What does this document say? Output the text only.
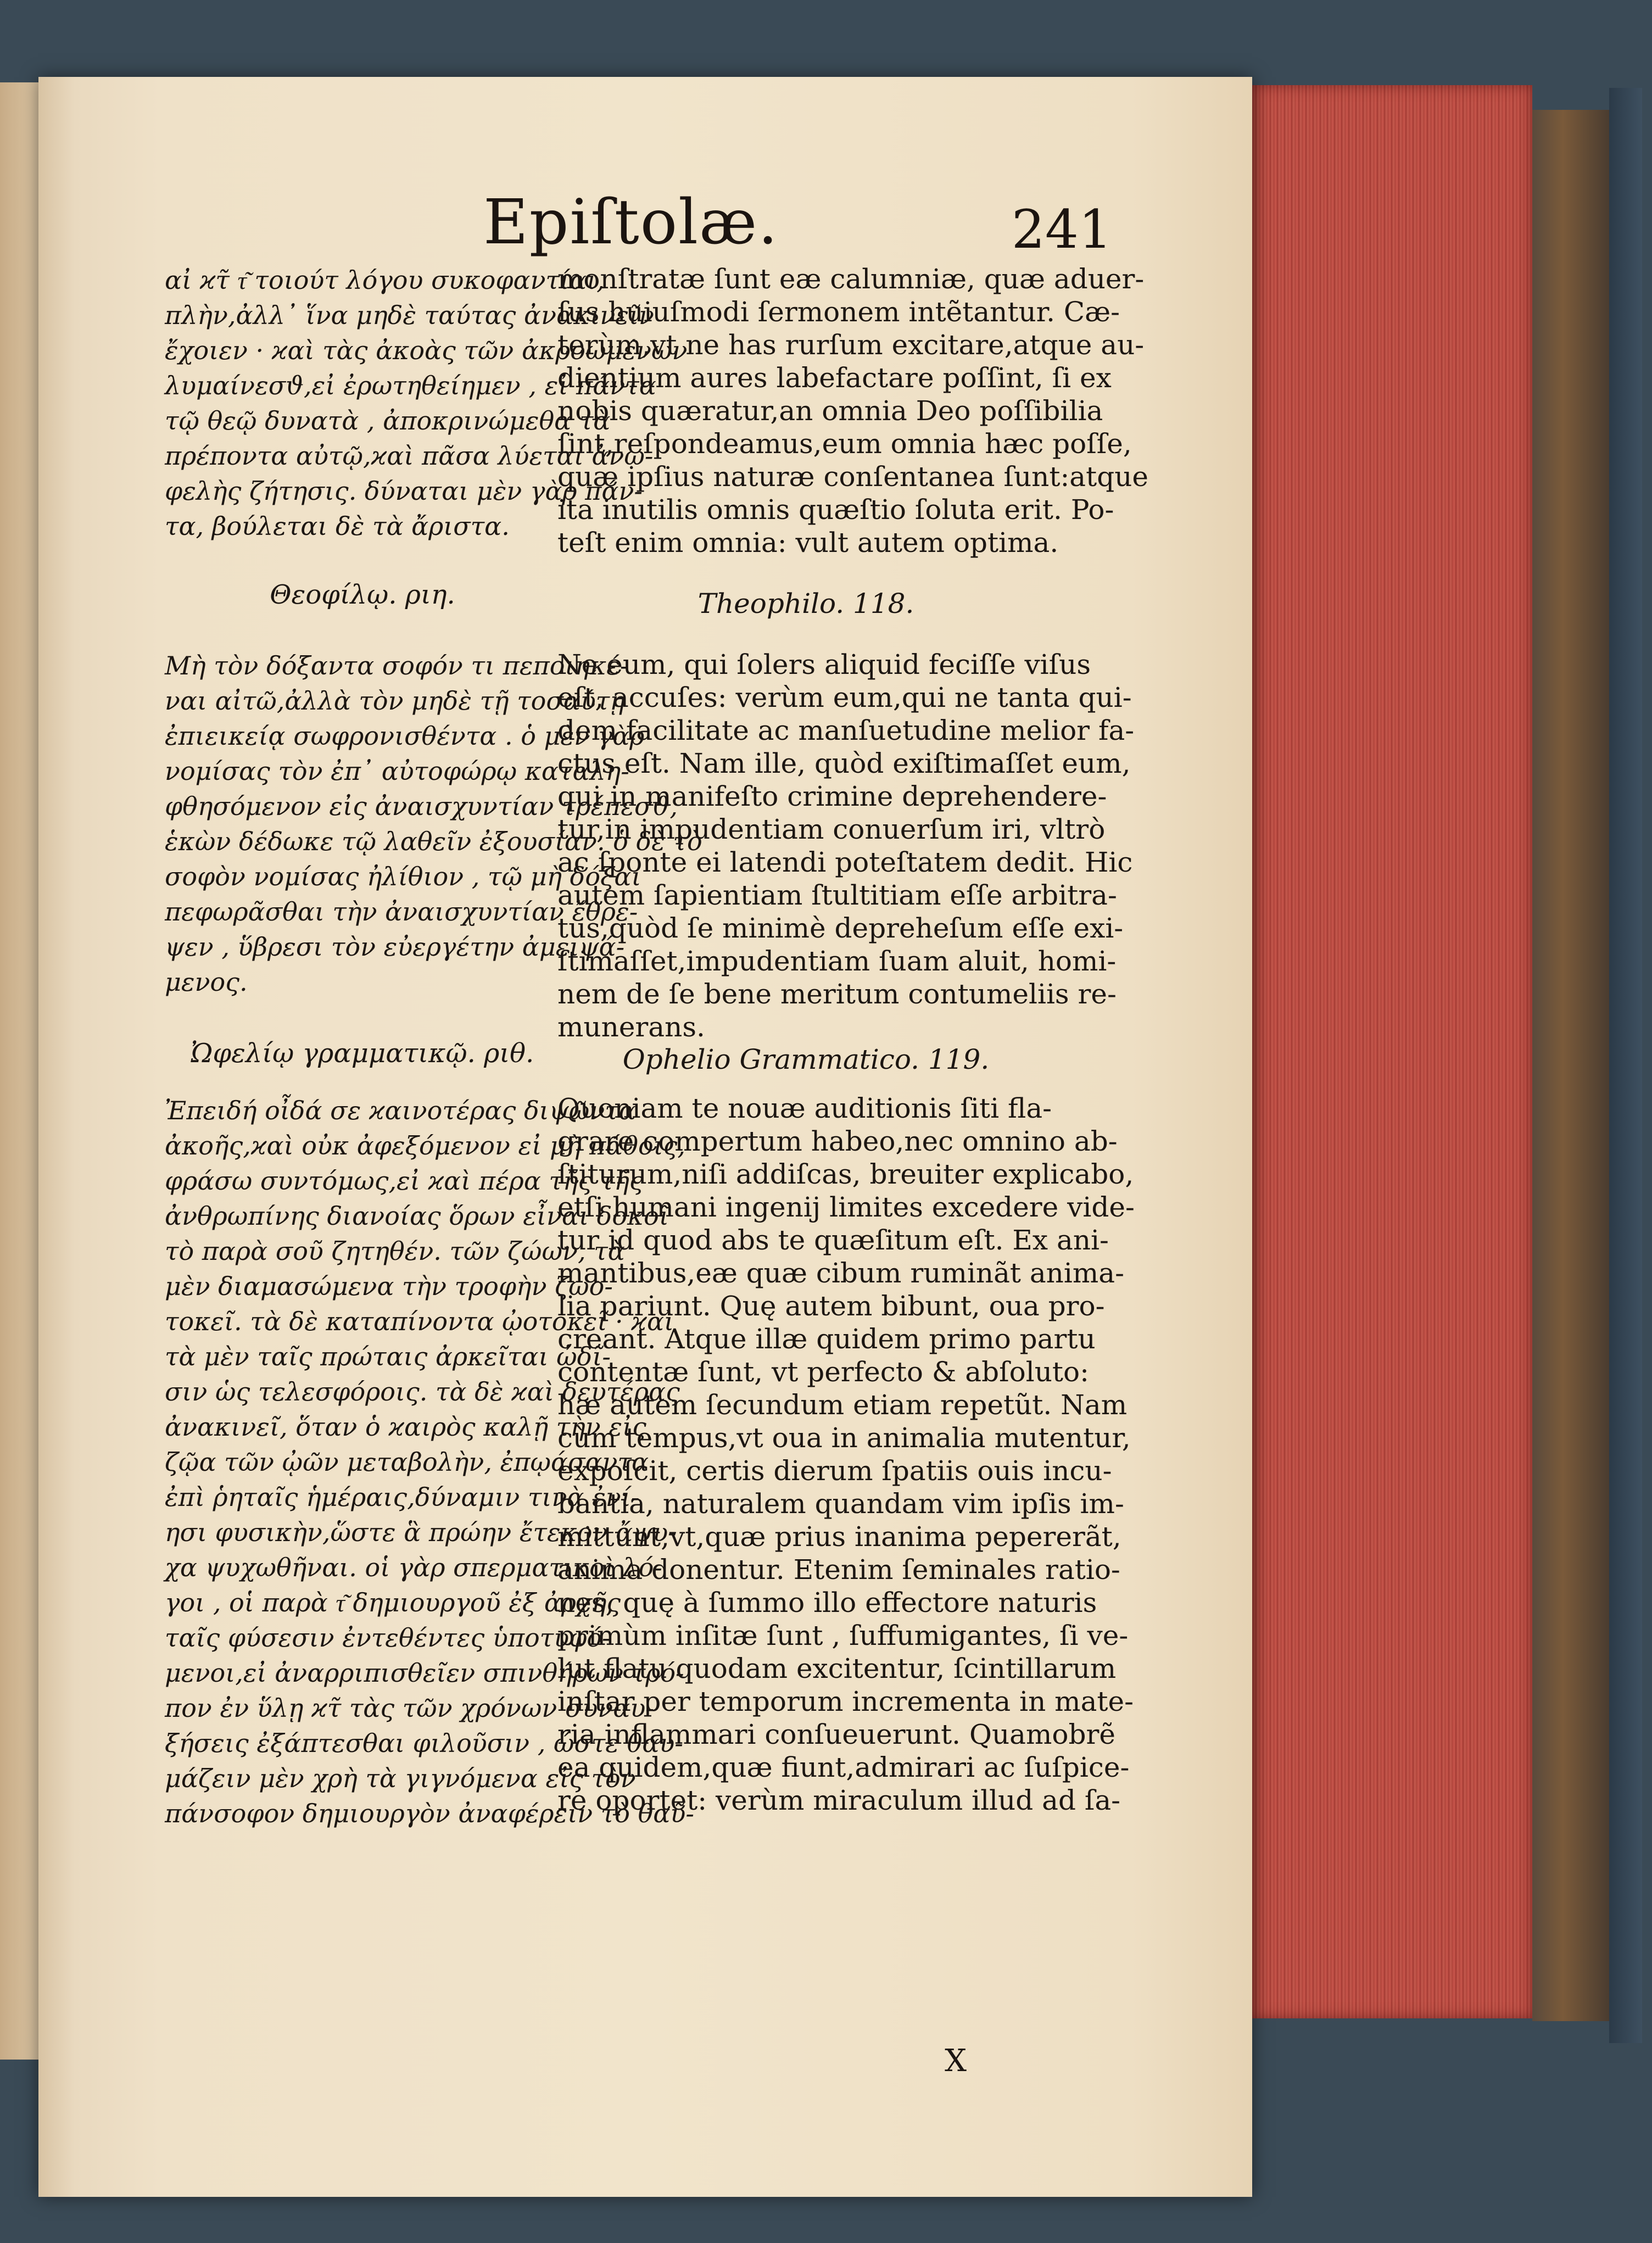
Epiſtolæ.	241
αἰ ϰτ̃ τ͂ τοιούτ λόγου συκοφαντίαι,
πλὴν,ἀλλ᾽ ἵνα μηδὲ ταύτας ἀνακινεῖν
ἔχοιεν · ϰαὶ τὰς ἀκοὰς τῶν ἀκροωμένων
λυμαίνεσϑ,εἰ ἐρωτηθείημεν , εἰ πάντα
τῷ θεῷ δυνατὰ , ἀποκρινώμεθα τὰ
πρέποντα αὐτῷ,ϰαὶ πᾶσα λύεται ἀνω-
φελὴς ζήτησις. δύναται μὲν γὰρ πάν-
τα, βούλεται δὲ τὰ ἄριστα.
Θεοφίλῳ. ριη.
Μὴ τὸν δόξαντα σοφόν τι πεποιηκέ-
ναι αἰτῶ,ἀλλὰ τὸν μηδὲ τῇ τοσαύτῃ
ἐπιεικείᾳ σωφρονισθέντα . ὁ μὲν γὰρ
νομίσας τὸν ἐπ᾽ αὐτοφώρῳ καταλη-
φθησόμενον εἰς ἀναισχυντίαν τρέπεσϑ,
ἑκὼν δέδωκε τῷ λαθεῖν ἐξουσίαν. ὁ δὲ τὸ
σοφὸν νομίσας ἠλίθιον , τῷ μὴ δόξαι
πεφωρᾶσθαι τὴν ἀναισχυντίαν ἔθρε-
ψεν , ὕβρεσι τὸν εὐεργέτην ἀμειψά-
μενος.
Ὠφελίῳ γραμματικῷ. ριθ.
Ἐπειδή οἶδά σε ϰαινοτέρας διψῶντα
ἀκοῆς,ϰαὶ οὐκ ἀφεξόμενον εἰ μὴ πάθοις,
φράσω συντόμως,εἰ ϰαὶ πέρα τῆς τῆς
ἀνθρωπίνης διανοίας ὅρων εἶναι δοκοῖ
τὸ παρὰ σοῦ ζητηθέν. τῶν ζώων, τὰ
μὲν διαμασώμενα τὴν τροφὴν ζωο-
τοκεῖ. τὰ δὲ καταπίνοντα ᾠοτοκεῖ · ϰαὶ
τὰ μὲν ταῖς πρώταις ἀρκεῖται ὠδῖ-
σιν ὡς τελεσφόροις. τὰ δὲ ϰαὶ δευτέρας
ἀνακινεῖ, ὅταν ὁ ϰαιρὸς καλῇ τὴν εἰς
ζῷα τῶν ᾠῶν μεταβολὴν, ἐπῳάσαντα
ἐπὶ ῥηταῖς ἡμέραις,δύναμιν τινὰ ἐνί-
ησι φυσικὴν,ὥστε ἃ πρώην ἔτεκον ἄψυ-
χα ψυχωθῆναι. οἱ γὰρ σπερματικοὶ λό-
γοι , οἱ παρὰ τ͂ δημιουργοῦ ἐξ ἀρχῆς
ταῖς φύσεσιν ἐντεθέντες ὑποτυφό-
μενοι,εἰ ἀναρριπισθεῖεν σπινθήρων τρό-
πον ἐν ὕλῃ ϰτ̃ τὰς τῶν χρόνων συναυ-
ξήσεις ἐξάπτεσθαι φιλοῦσιν , ὥστε θαυ-
μάζειν μὲν χρὴ τὰ γιγνόμενα εἰς τὸν
πάνσοφον δημιουργὸν ἀναφέρειν τὸ θαῦ-
monſtratæ ſunt eæ calumniæ, quæ aduer-
ſus huiuſmodi ſermonem intẽtantur. Cæ-
terùm,vt ne has rurſum excitare,atque au-
dientium aures labefactare poſſint, ſi ex
nobis quæratur,an omnia Deo poſſibilia
ſint,reſpondeamus,eum omnia hæc poſſe,
quæ ipſius naturæ conſentanea ſunt:atque
ita inutilis omnis quæſtio ſoluta erit. Po-
teſt enim omnia: vult autem optima.
Theophilo. 118.
Ne eum, qui ſolers aliquid feciſſe viſus
eſt, accuſes: verùm eum,qui ne tanta qui-
dem facilitate ac manſuetudine melior fa-
ctus eſt. Nam ille, quòd exiſtimaſſet eum,
qui in manifeſto crimine deprehendere-
tur,in impudentiam conuerſum iri, vltrò
ac ſponte ei latendi poteſtatem dedit. Hic
autem ſapientiam ſtultitiam eſſe arbitra-
tus,quòd ſe minimè depreheſum eſſe exi-
ſtimaſſet,impudentiam ſuam aluit, homi-
nem de ſe bene meritum contumeliis re-
munerans.
Ophelio Grammatico. 119.
Quoniam te nouæ auditionis ſiti fla-
grare compertum habeo,nec omnino ab-
ſtiturum,niſi addiſcas, breuiter explicabo,
etſi humani ingenij limites excedere vide-
tur id quod abs te quæſitum eſt. Ex ani-
mantibus,eæ quæ cibum ruminãt anima-
lia pariunt. Quę autem bibunt, oua pro-
creant. Atque illæ quidem primo partu
contentæ ſunt, vt perfecto & abſoluto:
hæ autem ſecundum etiam repetũt. Nam
cùm tempus,vt oua in animalia mutentur,
expoſcit, certis dierum ſpatiis ouis incu-
bantia, naturalem quandam vim ipſis im-
mittunt,vt,quæ prius inanima pepererãt,
anima donentur. Etenim ſeminales ratio-
nes, quę à ſummo illo effectore naturis
primùm inſitæ ſunt , ſuffumigantes, ſi ve-
lut flatu quodam excitentur, ſcintillarum
inſtar per temporum incrementa in mate-
ria inflammari conſueuerunt. Quamobrẽ
ea quidem,quæ fiunt,admirari ac ſuſpice-
re oportet: verùm miraculum illud ad ſa-
X
